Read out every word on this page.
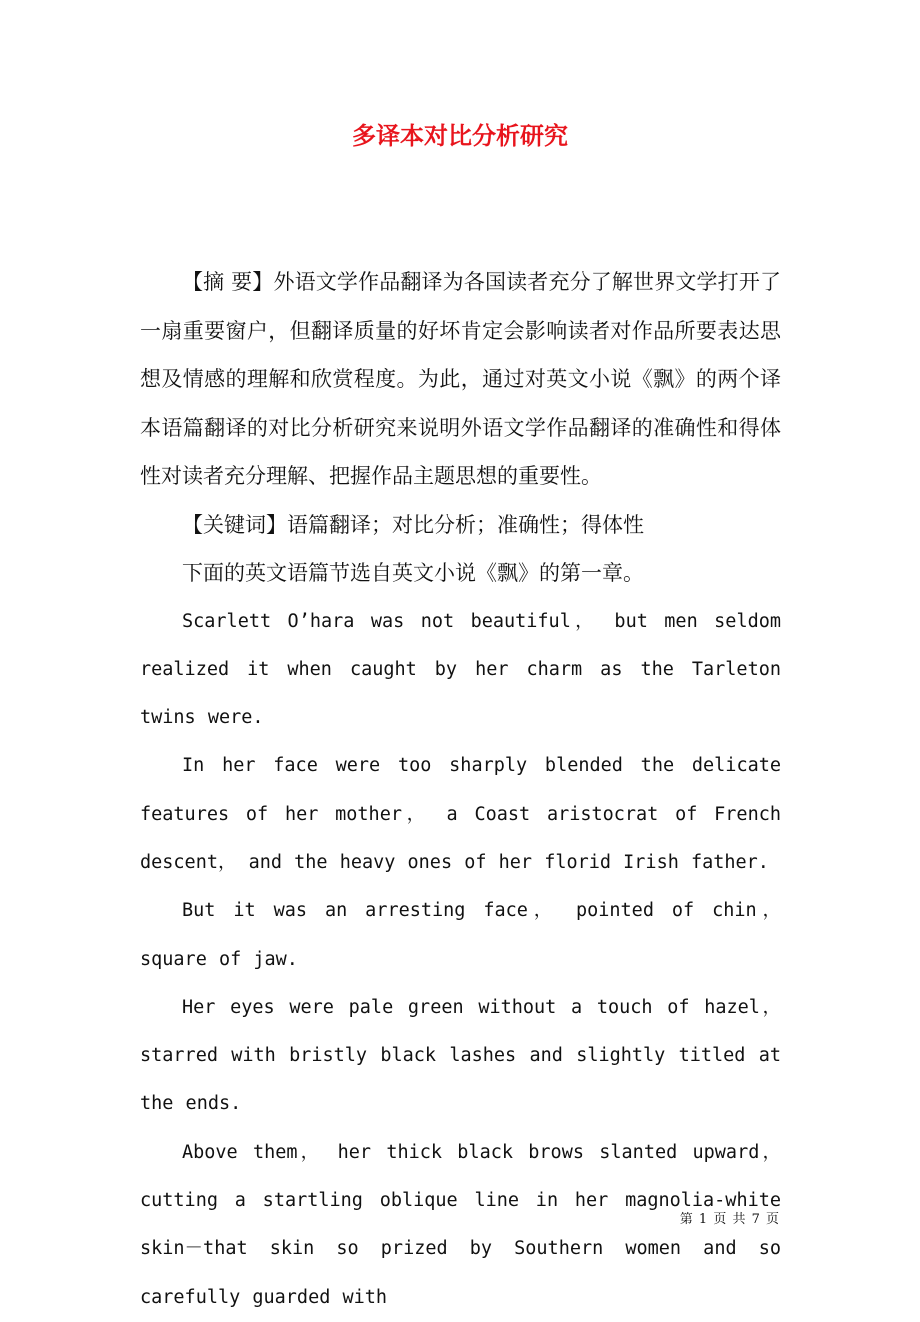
多译本对比分析研究

【摘 要】外语文学作品翻译为各国读者充分了解世界文学打开了一扇重要窗户，但翻译质量的好坏肯定会影响读者对作品所要表达思想及情感的理解和欣赏程度。为此，通过对英文小说《飘》的两个译本语篇翻译的对比分析研究来说明外语文学作品翻译的准确性和得体性对读者充分理解、把握作品主题思想的重要性。

【关键词】语篇翻译；对比分析；准确性；得体性

下面的英文语篇节选自英文小说《飘》的第一章。

Scarlett O’hara was not beautiful， but men seldom realized it when caught by her charm as the Tarleton twins were.

In her face were too sharply blended the delicate features of her mother， a Coast aristocrat of French descent， and the heavy ones of her florid Irish father.

But it was an arresting face， pointed of chin， square of jaw.

Her eyes were pale green without a touch of hazel， starred with bristly black lashes and slightly titled at the ends.

Above them， her thick black brows slanted upward， cutting a startling oblique line in her magnolia-white skin－that skin so prized by Southern women and so carefully guarded with

第 1 页 共 7 页
